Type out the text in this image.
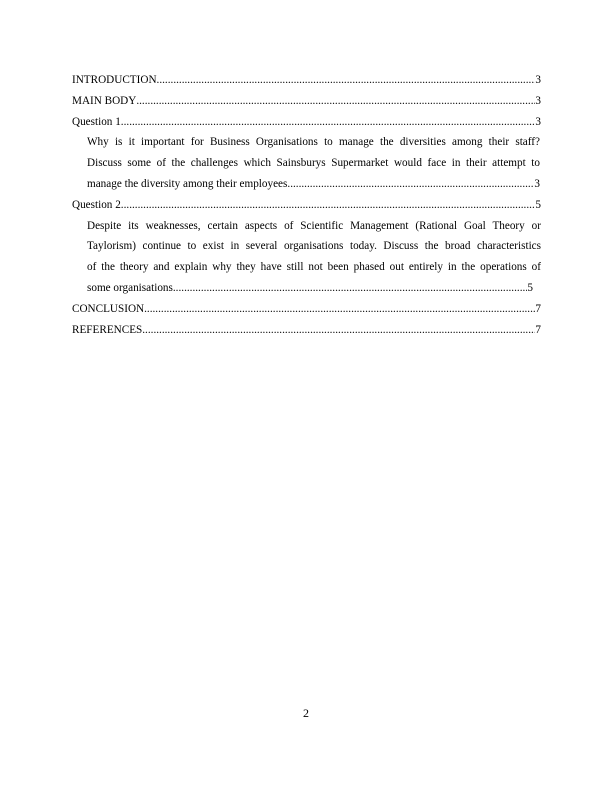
INTRODUCTION .....	3
MAIN BODY .....	3
Question 1 .....	3
Why is it important for Business Organisations to manage the diversities among their staff?
Discuss some of the challenges which Sainsburys Supermarket would face in their attempt to
manage the diversity among their employees .....	3
Question 2 .....	5
Despite its weaknesses, certain aspects of Scientific Management (Rational Goal Theory or
Taylorism) continue to exist in several organisations today. Discuss the broad characteristics
of the theory and explain why they have still not been phased out entirely in the operations of
some organisations .....	5
CONCLUSION .....	7
REFERENCES .....	7
2
